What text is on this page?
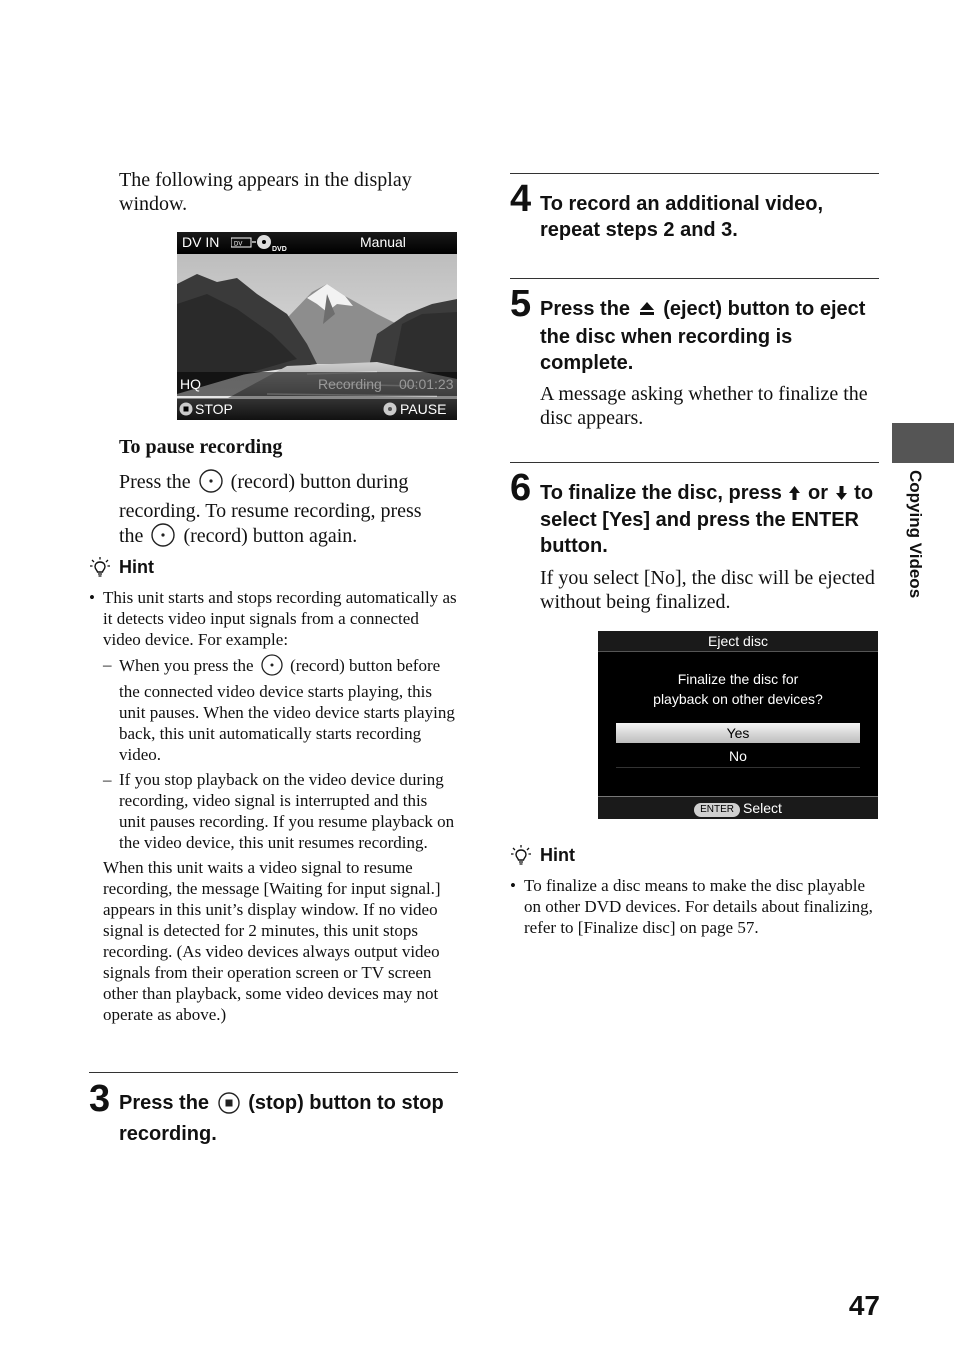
The following appears in the display window.
DV IN DV
DVD	Manual
HQ	Recording 00:01:23
STOP	PAUSE
To pause recording
Press the (record) button during recording. To resume recording, press the (record) button again.
Hint
• This unit starts and stops recording automatically as it detects video input signals from a connected video device. For example:
– When you press the (record) button before the connected video device starts playing, this unit pauses. When the video device starts playing back, this unit automatically starts recording video.
– If you stop playback on the video device during recording, video signal is interrupted and this unit pauses recording. If you resume playback on the video device, this unit resumes recording.
When this unit waits a video signal to resume recording, the message [Waiting for input signal.] appears in this unit’s display window. If no video signal is detected for 2 minutes, this unit stops recording. (As video devices always output video signals from their operation screen or TV screen other than playback, some video devices may not operate as above.)
3 Press the (stop) button to stop recording.
4 To record an additional video, repeat steps 2 and 3.
5 Press the (eject) button to eject the disc when recording is complete.
A message asking whether to finalize the disc appears.
6 To finalize the disc, press or to select [Yes] and press the ENTER button.
If you select [No], the disc will be ejected without being finalized.
Eject disc
Finalize the disc for
playback on other devices?
Yes
No
ENTER Select
Hint
• To finalize a disc means to make the disc playable on other DVD devices. For details about finalizing, refer to [Finalize disc] on page 57.
Copying Videos
47
